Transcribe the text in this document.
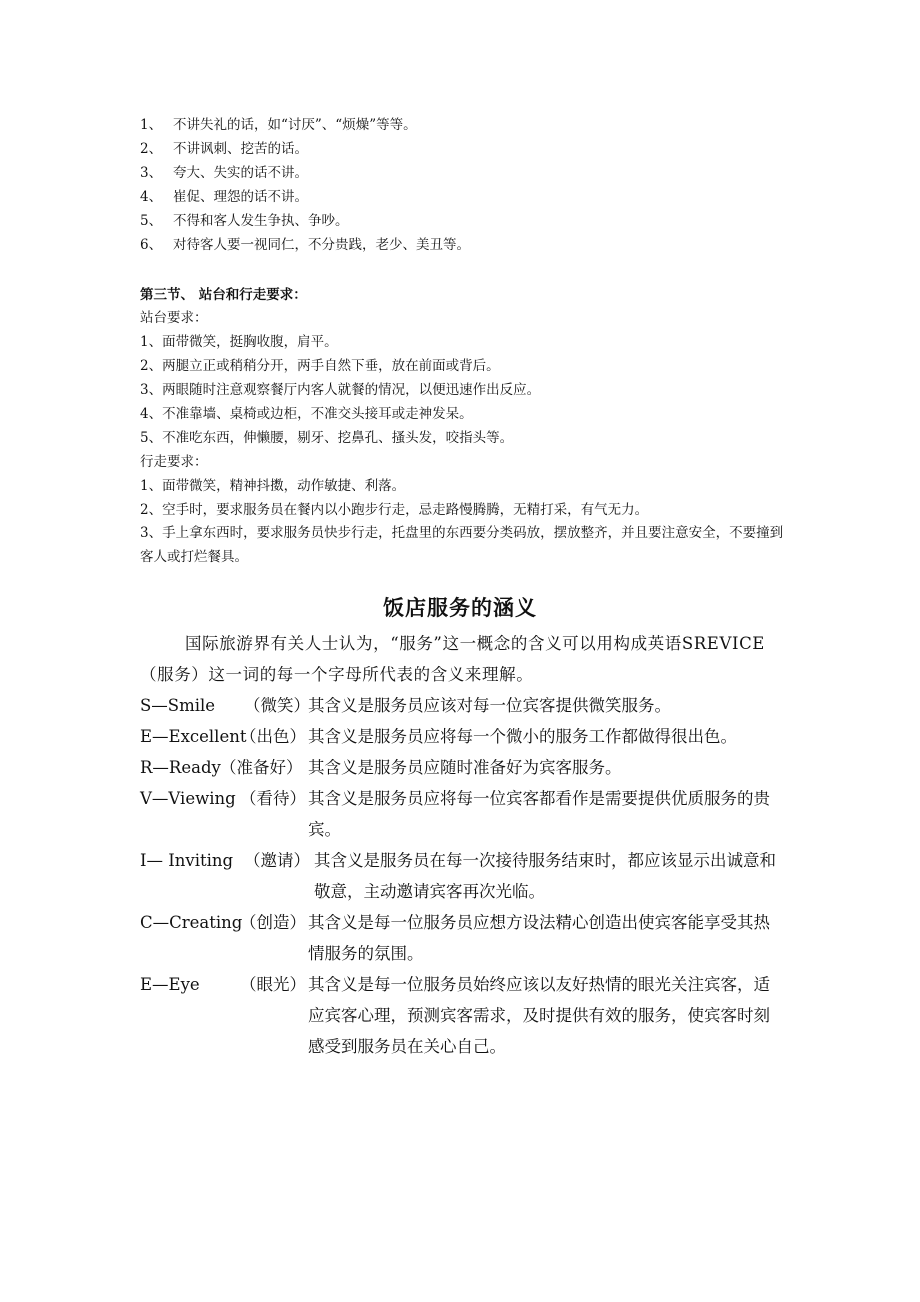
1、 不讲失礼的话，如“讨厌”、“烦燥”等等。
2、 不讲讽刺、挖苦的话。
3、 夸大、失实的话不讲。
4、 崔促、理怨的话不讲。
5、 不得和客人发生争执、争吵。
6、 对待客人要一视同仁，不分贵践，老少、美丑等。
第三节、 站台和行走要求：
站台要求：
1、面带微笑，挺胸收腹，肩平。
2、两腿立正或稍稍分开，两手自然下垂，放在前面或背后。
3、两眼随时注意观察餐厅内客人就餐的情况，以便迅速作出反应。
4、不准靠墙、桌椅或边柜，不准交头接耳或走神发呆。
5、不准吃东西，伸懒腰，剔牙、挖鼻孔、搔头发，咬指头等。
行走要求：
1、面带微笑，精神抖擞，动作敏捷、利落。
2、空手时，要求服务员在餐内以小跑步行走，忌走路慢腾腾，无精打采，有气无力。
3、手上拿东西时，要求服务员快步行走，托盘里的东西要分类码放，摆放整齐，并且要注意安全，不要撞到客人或打烂餐具。
饭店服务的涵义
国际旅游界有关人士认为，“服务”这一概念的含义可以用构成英语SREVICE（服务）这一词的每一个字母所代表的含义来理解。
S—Smile （微笑）
其含义是服务员应该对每一位宾客提供微笑服务。
E—Excellent
（出色） 其含义是服务员应将每一个微小的服务工作都做得很出色。
R—Ready （准备好） 其含义是服务员应随时准备好为宾客服务。
V—Viewing （看待） 其含义是服务员应将每一位宾客都看作是需要提供优质服务的贵宾。
I— Inviting （邀请） 其含义是服务员在每一次接待服务结束时，都应该显示出诚意和敬意，主动邀请宾客再次光临。
C—Creating
（创造） 其含义是每一位服务员应想方设法精心创造出使宾客能享受其热情服务的氛围。
E—Eye （眼光） 其含义是每一位服务员始终应该以友好热情的眼光关注宾客，适应宾客心理，预测宾客需求，及时提供有效的服务，使宾客时刻感受到服务员在关心自己。
